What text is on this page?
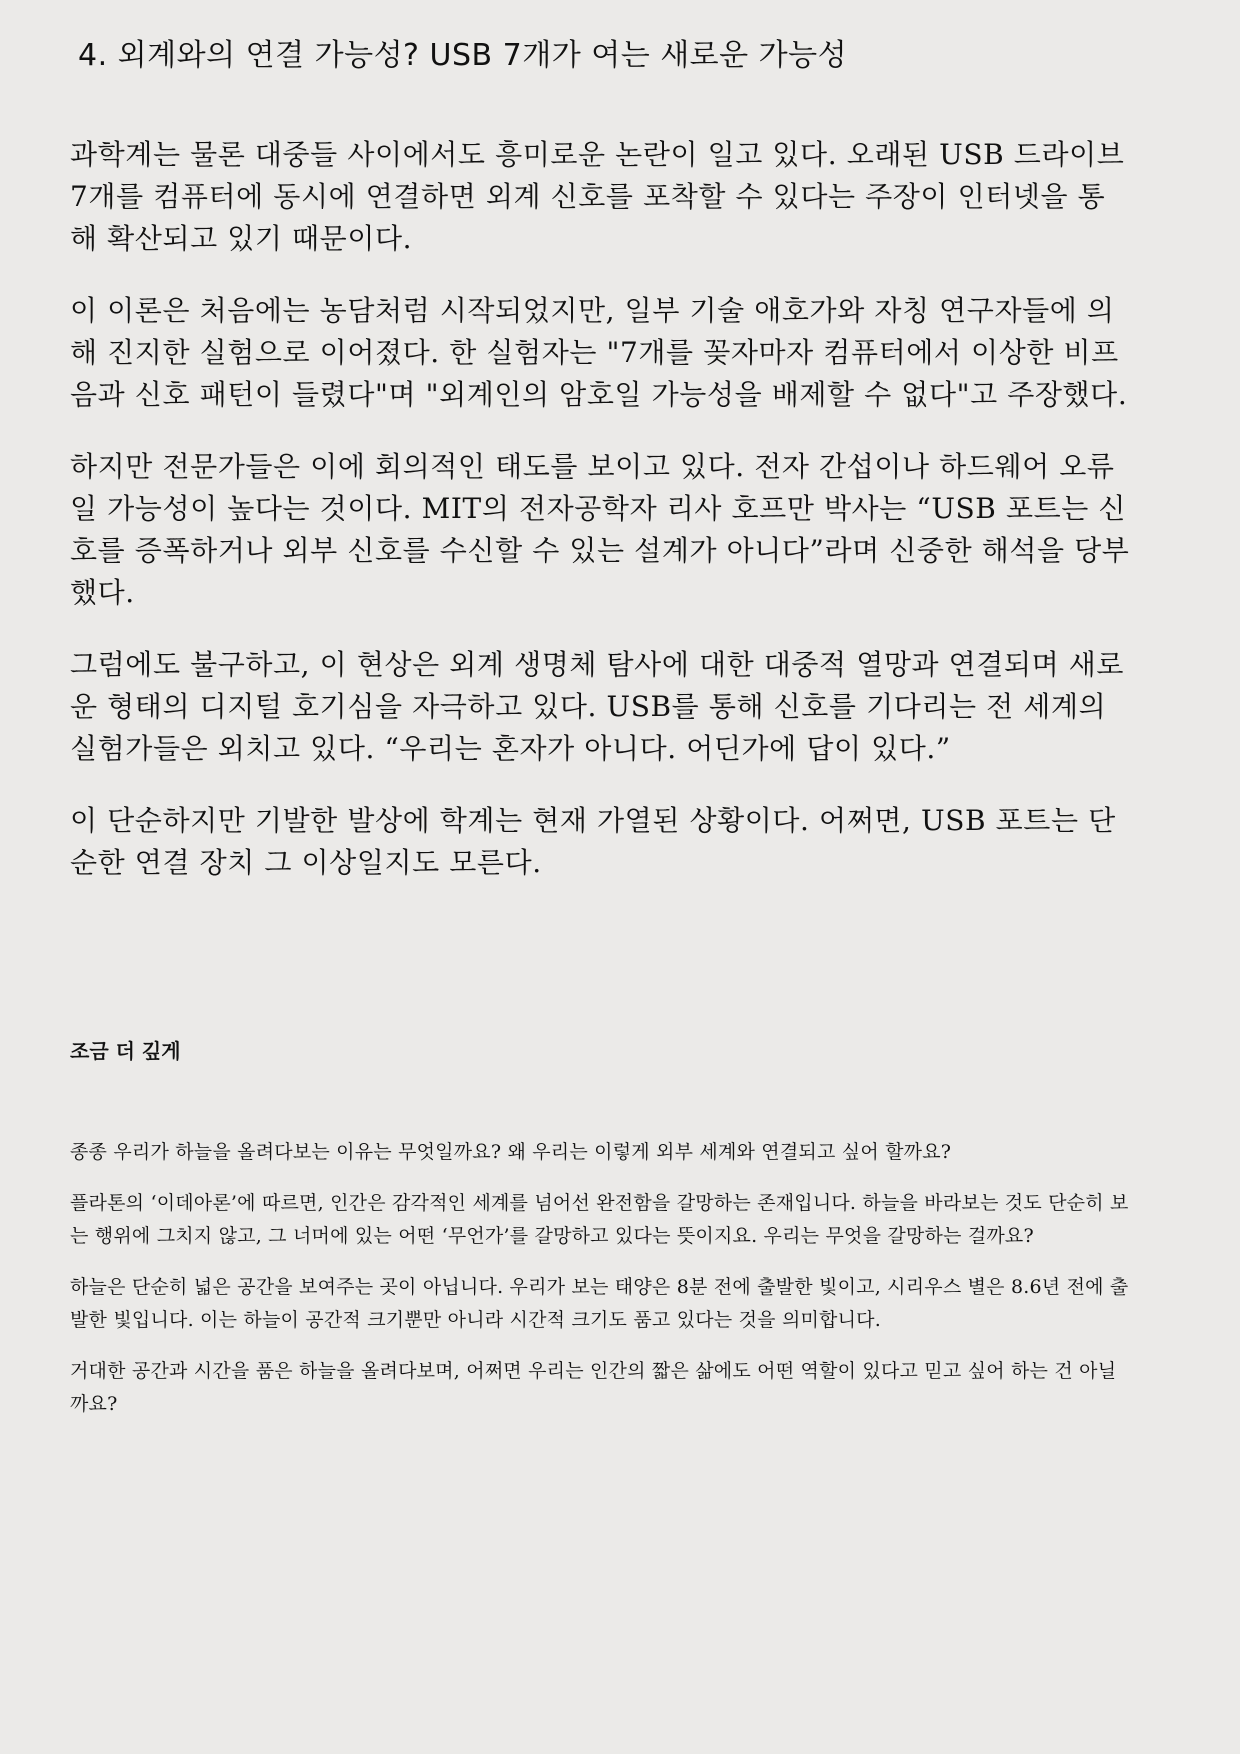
4. 외계와의 연결 가능성? USB 7개가 여는 새로운 가능성

과학계는 물론 대중들 사이에서도 흥미로운 논란이 일고 있다. 오래된 USB 드라이브 7개를 컴퓨터에 동시에 연결하면 외계 신호를 포착할 수 있다는 주장이 인터넷을 통해 확산되고 있기 때문이다.

이 이론은 처음에는 농담처럼 시작되었지만, 일부 기술 애호가와 자칭 연구자들에 의해 진지한 실험으로 이어졌다. 한 실험자는 "7개를 꽂자마자 컴퓨터에서 이상한 비프음과 신호 패턴이 들렸다"며 "외계인의 암호일 가능성을 배제할 수 없다"고 주장했다.

하지만 전문가들은 이에 회의적인 태도를 보이고 있다. 전자 간섭이나 하드웨어 오류일 가능성이 높다는 것이다. MIT의 전자공학자 리사 호프만 박사는 “USB 포트는 신호를 증폭하거나 외부 신호를 수신할 수 있는 설계가 아니다”라며 신중한 해석을 당부했다.

그럼에도 불구하고, 이 현상은 외계 생명체 탐사에 대한 대중적 열망과 연결되며 새로운 형태의 디지털 호기심을 자극하고 있다. USB를 통해 신호를 기다리는 전 세계의 실험가들은 외치고 있다. “우리는 혼자가 아니다. 어딘가에 답이 있다.”

이 단순하지만 기발한 발상에 학계는 현재 가열된 상황이다. 어쩌면, USB 포트는 단순한 연결 장치 그 이상일지도 모른다.

조금 더 깊게

종종 우리가 하늘을 올려다보는 이유는 무엇일까요? 왜 우리는 이렇게 외부 세계와 연결되고 싶어 할까요?

플라톤의 ‘이데아론’에 따르면, 인간은 감각적인 세계를 넘어선 완전함을 갈망하는 존재입니다. 하늘을 바라보는 것도 단순히 보는 행위에 그치지 않고, 그 너머에 있는 어떤 ‘무언가’를 갈망하고 있다는 뜻이지요. 우리는 무엇을 갈망하는 걸까요?

하늘은 단순히 넓은 공간을 보여주는 곳이 아닙니다. 우리가 보는 태양은 8분 전에 출발한 빛이고, 시리우스 별은 8.6년 전에 출발한 빛입니다. 이는 하늘이 공간적 크기뿐만 아니라 시간적 크기도 품고 있다는 것을 의미합니다.

거대한 공간과 시간을 품은 하늘을 올려다보며, 어쩌면 우리는 인간의 짧은 삶에도 어떤 역할이 있다고 믿고 싶어 하는 건 아닐까요?
